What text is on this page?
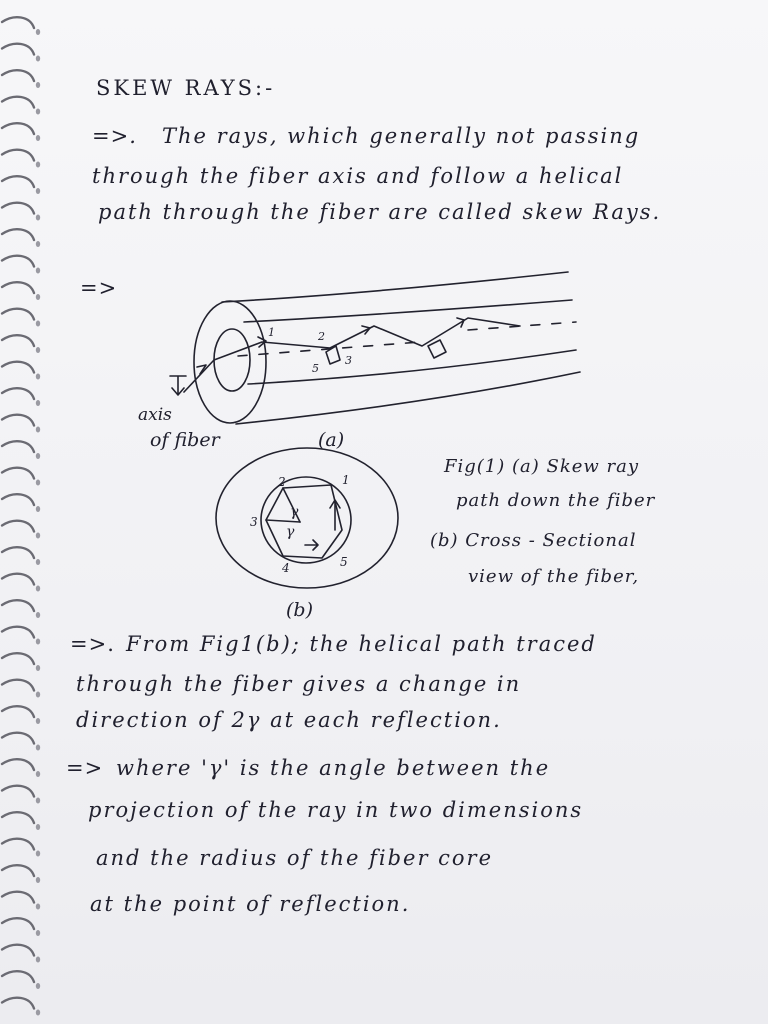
SKEW RAYS:-
=>. The rays, which generally not passing
through the fiber axis and follow a helical
path through the fiber are called skew Rays.
=>
1	2
3
5
axis
of fiber	(a)
1
2
3
4	5
γ
γ
(b)
Fig(1) (a) Skew ray
path down the fiber
(b) Cross - Sectional
view of the fiber,
=>. From Fig1(b); the helical path traced
through the fiber gives a change in
direction of 2γ at each reflection.
=> where 'γ' is the angle between the
projection of the ray in two dimensions
and the radius of the fiber core
at the point of reflection.
